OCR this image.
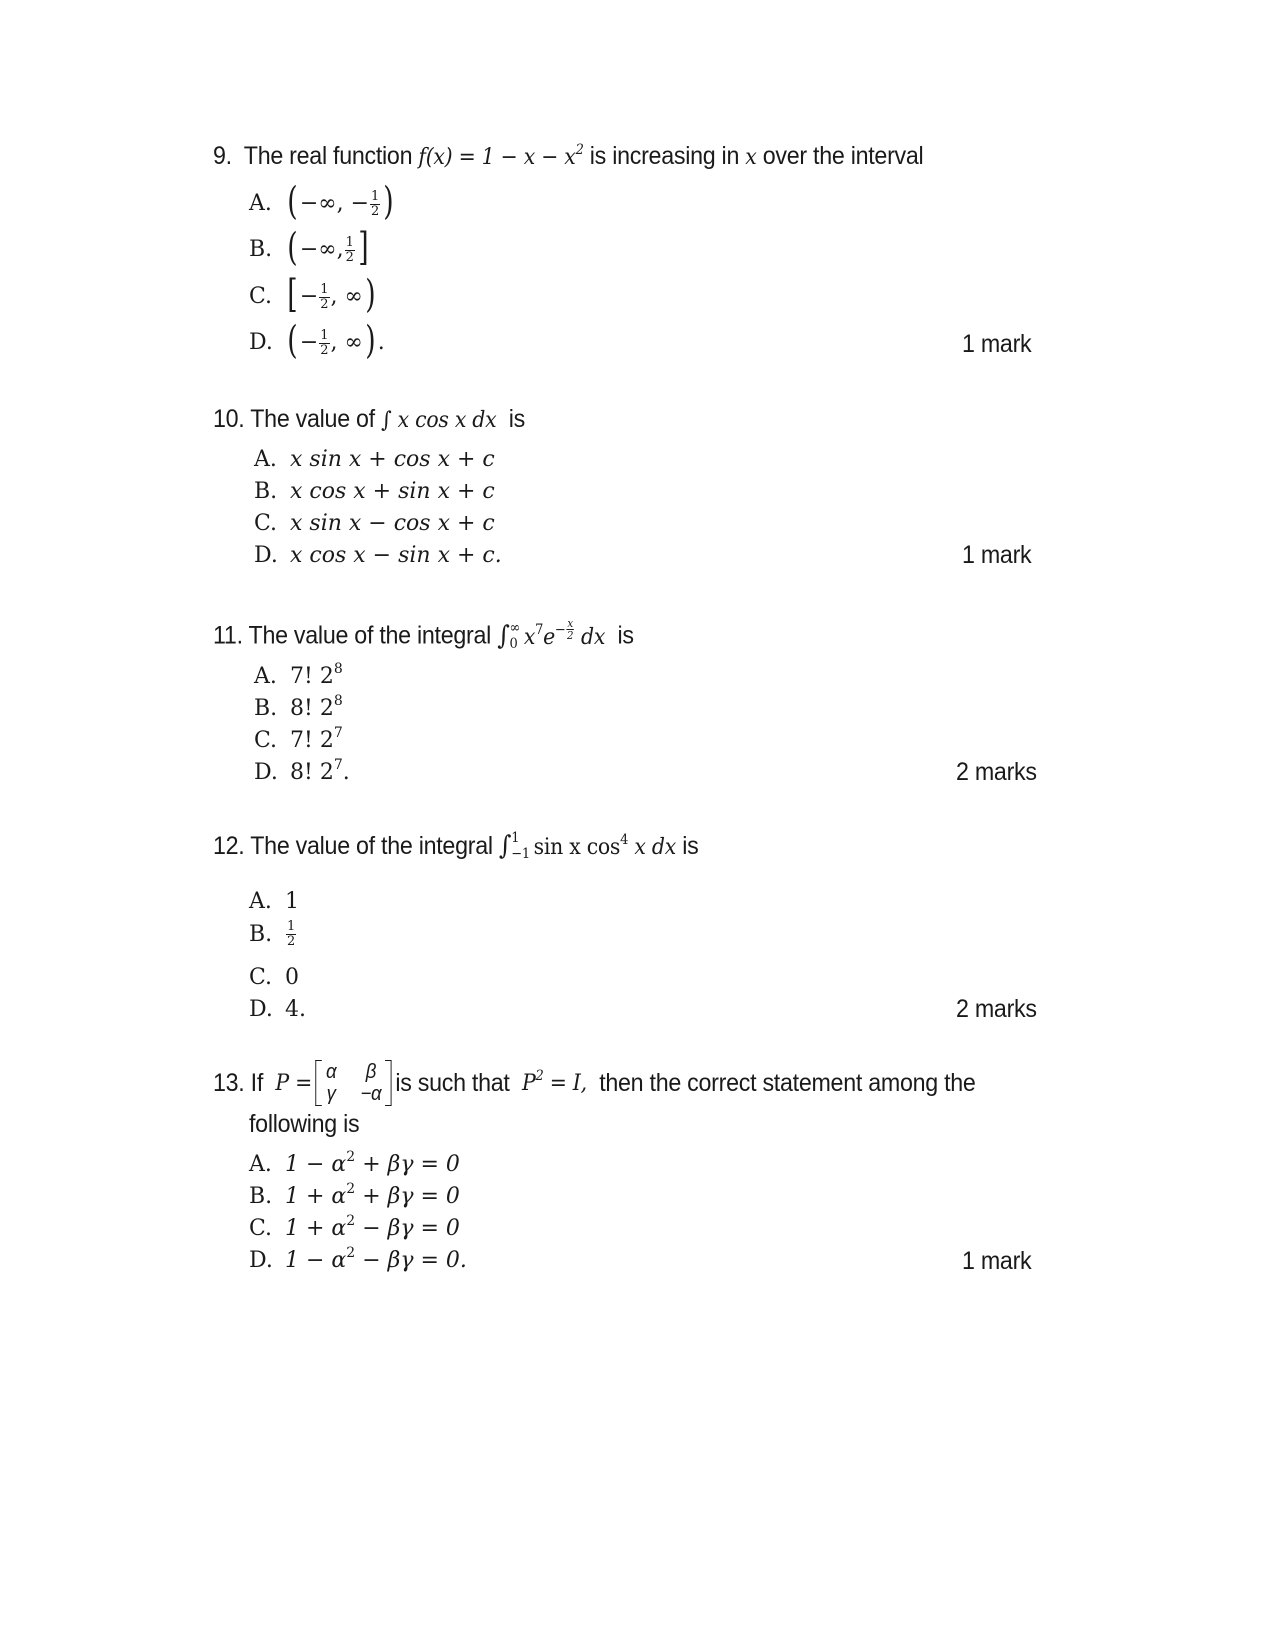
9. The real function $f(x) = 1 - x - x^2$ is increasing in x over the interval
A. ( −∞, − $\frac{1}{2}$ )
B. ( −∞, $\frac{1}{2}$ ]
C. [ − $\frac{1}{2}$ , ∞)
D. ( − $\frac{1}{2}$ , ∞) .	1 mark
10. The value of ∫ x cos x dx is
A. x sin x + cos x + c
B. x cos x + sin x + c
C. x sin x − cos x + c
D. x cos x − sin x + c.	1 mark
11. The value of the integral ∫ ∞
0 $x^7e^{- \frac{x}{2}}$ dx is
A. 7! $2^8$
B. 8! $2^8$
C. 7! $2^7$
D. 8! $2^7$.	2 marks
12. The value of the integral ∫ 1
−1 sin x $\cos^4 x$ dx is
A. 1
B. $\frac{1}{2}$
C. 0
D. 4.	2 marks
13.
If
P = α β
γ −α is such that
$P^2 = I$,
then the correct statement among the
following is
A. $1 - \alpha^2 + \beta\gamma = 0$
B. $1 + \alpha^2 + \beta\gamma = 0$
C. $1 + \alpha^2 - \beta\gamma = 0$
D. $1 - \alpha^2 - \beta\gamma = 0$.	1 mark
